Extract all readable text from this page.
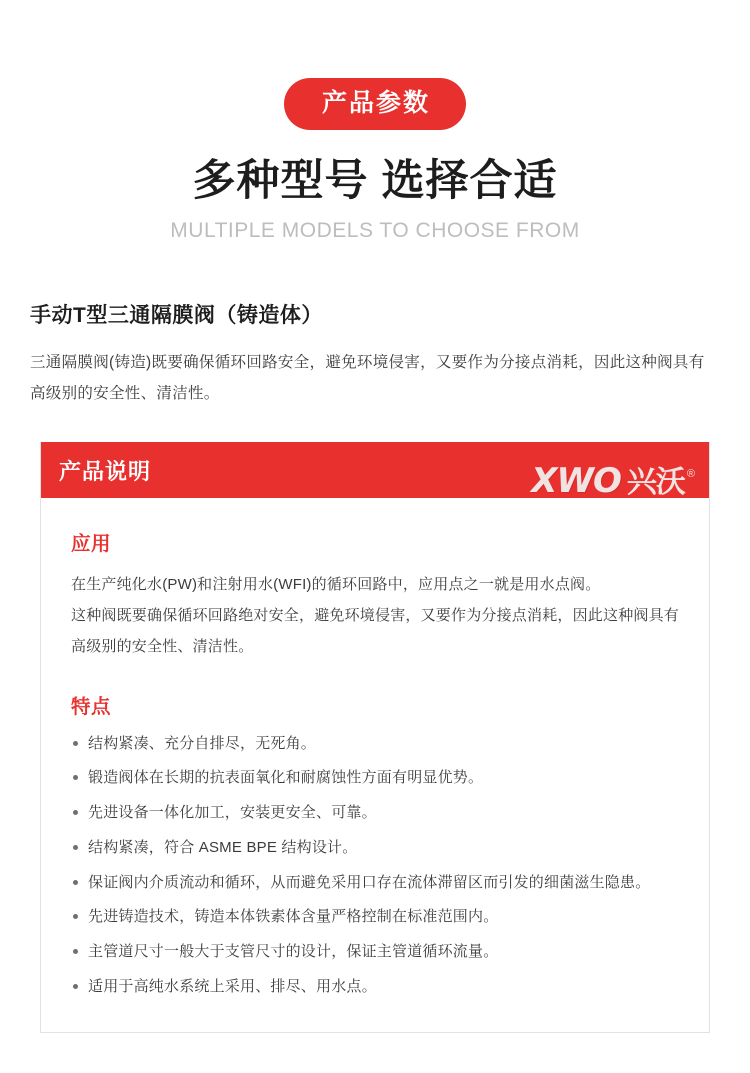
产品参数
多种型号 选择合适
MULTIPLE MODELS TO CHOOSE FROM
手动T型三通隔膜阀（铸造体）
三通隔膜阀(铸造)既要确保循环回路安全，避免环境侵害，又要作为分接点消耗，因此这种阀具有高级别的安全性、清洁性。
产品说明	XWO 兴沃 ®
应用
在生产纯化水(PW)和注射用水(WFI)的循环回路中，应用点之一就是用水点阀。
这种阀既要确保循环回路绝对安全，避免环境侵害，又要作为分接点消耗，因此这种阀具有高级别的安全性、清洁性。
特点
结构紧凑、充分自排尽，无死角。
锻造阀体在长期的抗表面氧化和耐腐蚀性方面有明显优势。
先进设备一体化加工，安装更安全、可靠。
结构紧凑，符合 ASME BPE 结构设计。
保证阀内介质流动和循环，从而避免采用口存在流体滞留区而引发的细菌滋生隐患。
先进铸造技术，铸造本体铁素体含量严格控制在标准范围内。
主管道尺寸一般大于支管尺寸的设计，保证主管道循环流量。
适用于高纯水系统上采用、排尽、用水点。
